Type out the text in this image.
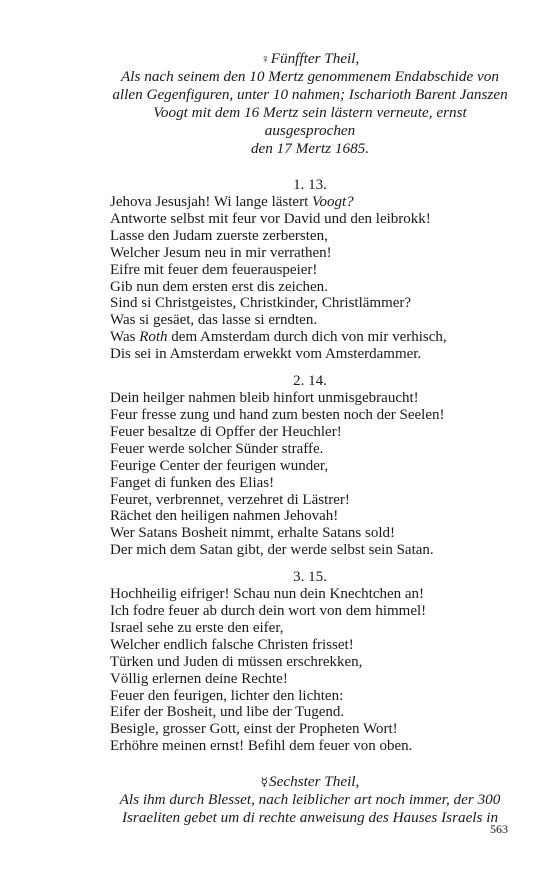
♀Fünffter Theil,
Als nach seinem den 10 Mertz genommenem Endabschide von
allen Gegenfiguren, unter 10 nahmen; Ischarioth Barent Janszen
Voogt mit dem 16 Mertz sein lästern verneute, ernst ausgesprochen
den 17 Mertz 1685.
1. 13.
Jehova Jesusjah! Wi lange lästert Voogt?
Antworte selbst mit feur vor David und den leibrokk!
Lasse den Judam zuerste zerbersten,
Welcher Jesum neu in mir verrathen!
Eifre mit feuer dem feuerauspeier!
Gib nun dem ersten erst dis zeichen.
Sind si Christgeistes, Christkinder, Christlämmer?
Was si gesäet, das lasse si erndten.
Was Roth dem Amsterdam durch dich von mir verhisch,
Dis sei in Amsterdam erwekkt vom Amsterdammer.
2. 14.
Dein heilger nahmen bleib hinfort unmisgebraucht!
Feur fresse zung und hand zum besten noch der Seelen!
Feuer besaltze di Opffer der Heuchler!
Feuer werde solcher Sünder straffe.
Feurige Center der feurigen wunder,
Fanget di funken des Elias!
Feuret, verbrennet, verzehret di Lästrer!
Rächet den heiligen nahmen Jehovah!
Wer Satans Bosheit nimmt, erhalte Satans sold!
Der mich dem Satan gibt, der werde selbst sein Satan.
3. 15.
Hochheilig eifriger! Schau nun dein Knechtchen an!
Ich fodre feuer ab durch dein wort von dem himmel!
Israel sehe zu erste den eifer,
Welcher endlich falsche Christen frisset!
Türken und Juden di müssen erschrekken,
Völlig erlernen deine Rechte!
Feuer den feurigen, lichter den lichten:
Eifer der Bosheit, und libe der Tugend.
Besigle, grosser Gott, einst der Propheten Wort!
Erhöhre meinen ernst! Befihl dem feuer von oben.
☿Sechster Theil,
Als ihm durch Blesset, nach leiblicher art noch immer, der 300
Israeliten gebet um di rechte anweisung des Hauses Israels in
563
